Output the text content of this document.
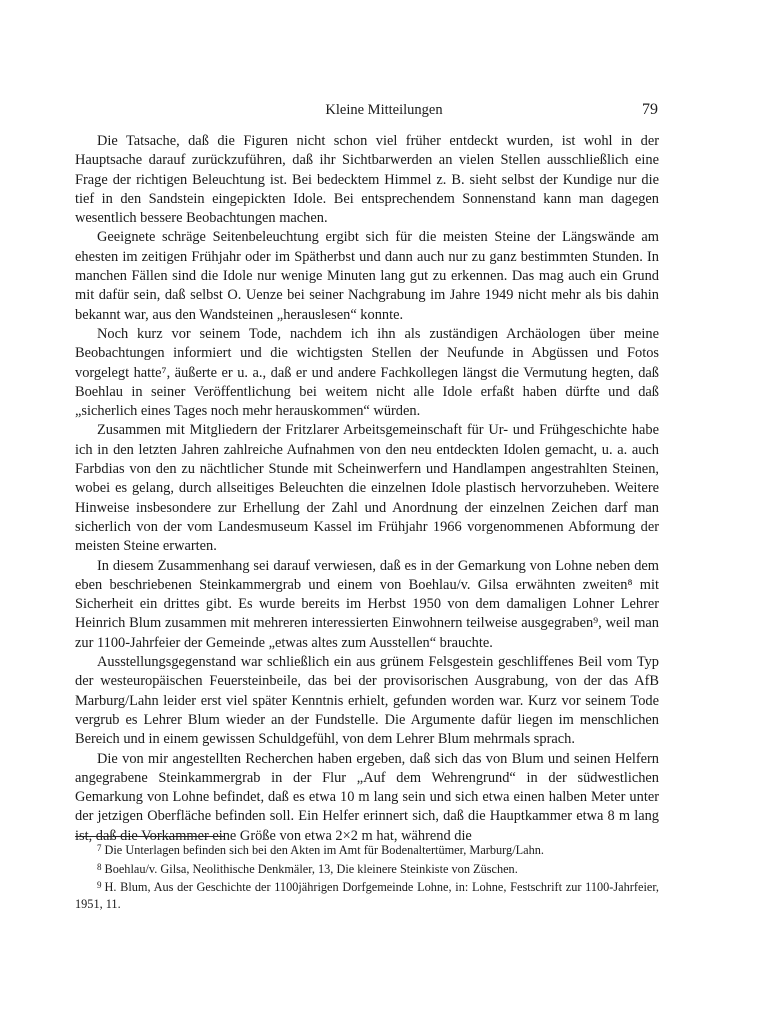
Kleine Mitteilungen	79

Die Tatsache, daß die Figuren nicht schon viel früher entdeckt wurden, ist wohl in der Hauptsache darauf zurückzuführen, daß ihr Sichtbarwerden an vielen Stellen ausschließlich eine Frage der richtigen Beleuchtung ist. Bei bedecktem Himmel z. B. sieht selbst der Kundige nur die tief in den Sandstein eingepickten Idole. Bei entsprechendem Sonnenstand kann man dagegen wesentlich bessere Beobachtungen machen.

Geeignete schräge Seitenbeleuchtung ergibt sich für die meisten Steine der Längswände am ehesten im zeitigen Frühjahr oder im Spätherbst und dann auch nur zu ganz bestimmten Stunden. In manchen Fällen sind die Idole nur wenige Minuten lang gut zu erkennen. Das mag auch ein Grund mit dafür sein, daß selbst O. Uenze bei seiner Nachgrabung im Jahre 1949 nicht mehr als bis dahin bekannt war, aus den Wandsteinen „herauslesen“ konnte.

Noch kurz vor seinem Tode, nachdem ich ihn als zuständigen Archäologen über meine Beobachtungen informiert und die wichtigsten Stellen der Neufunde in Abgüssen und Fotos vorgelegt hatte⁷, äußerte er u. a., daß er und andere Fachkollegen längst die Vermutung hegten, daß Boehlau in seiner Veröffentlichung bei weitem nicht alle Idole erfaßt haben dürfte und daß „sicherlich eines Tages noch mehr herauskommen“ würden.

Zusammen mit Mitgliedern der Fritzlarer Arbeitsgemeinschaft für Ur- und Frühgeschichte habe ich in den letzten Jahren zahlreiche Aufnahmen von den neu entdeckten Idolen gemacht, u. a. auch Farbdias von den zu nächtlicher Stunde mit Scheinwerfern und Handlampen angestrahlten Steinen, wobei es gelang, durch allseitiges Beleuchten die einzelnen Idole plastisch hervorzuheben. Weitere Hinweise insbesondere zur Erhellung der Zahl und Anordnung der einzelnen Zeichen darf man sicherlich von der vom Landesmuseum Kassel im Frühjahr 1966 vorgenommenen Abformung der meisten Steine erwarten.

In diesem Zusammenhang sei darauf verwiesen, daß es in der Gemarkung von Lohne neben dem eben beschriebenen Steinkammergrab und einem von Boehlau/v. Gilsa erwähnten zweiten⁸ mit Sicherheit ein drittes gibt. Es wurde bereits im Herbst 1950 von dem damaligen Lohner Lehrer Heinrich Blum zusammen mit mehreren interessierten Einwohnern teilweise ausgegraben⁹, weil man zur 1100-Jahrfeier der Gemeinde „etwas altes zum Ausstellen“ brauchte.

Ausstellungsgegenstand war schließlich ein aus grünem Felsgestein geschliffenes Beil vom Typ der westeuropäischen Feuersteinbeile, das bei der provisorischen Ausgrabung, von der das AfB Marburg/Lahn leider erst viel später Kenntnis erhielt, gefunden worden war. Kurz vor seinem Tode vergrub es Lehrer Blum wieder an der Fundstelle. Die Argumente dafür liegen im menschlichen Bereich und in einem gewissen Schuldgefühl, von dem Lehrer Blum mehrmals sprach.

Die von mir angestellten Recherchen haben ergeben, daß sich das von Blum und seinen Helfern angegrabene Steinkammergrab in der Flur „Auf dem Wehrengrund“ in der südwestlichen Gemarkung von Lohne befindet, daß es etwa 10 m lang sein und sich etwa einen halben Meter unter der jetzigen Oberfläche befinden soll. Ein Helfer erinnert sich, daß die Hauptkammer etwa 8 m lang ist, daß die Vorkammer eine Größe von etwa 2×2 m hat, während die

$^7$ Die Unterlagen befinden sich bei den Akten im Amt für Bodenaltertümer, Marburg/Lahn.

$^8$ Boehlau/v. Gilsa, Neolithische Denkmäler, 13, Die kleinere Steinkiste von Züschen.

$^9$ H. Blum, Aus der Geschichte der 1100jährigen Dorfgemeinde Lohne, in: Lohne, Festschrift zur 1100-Jahrfeier, 1951, 11.
